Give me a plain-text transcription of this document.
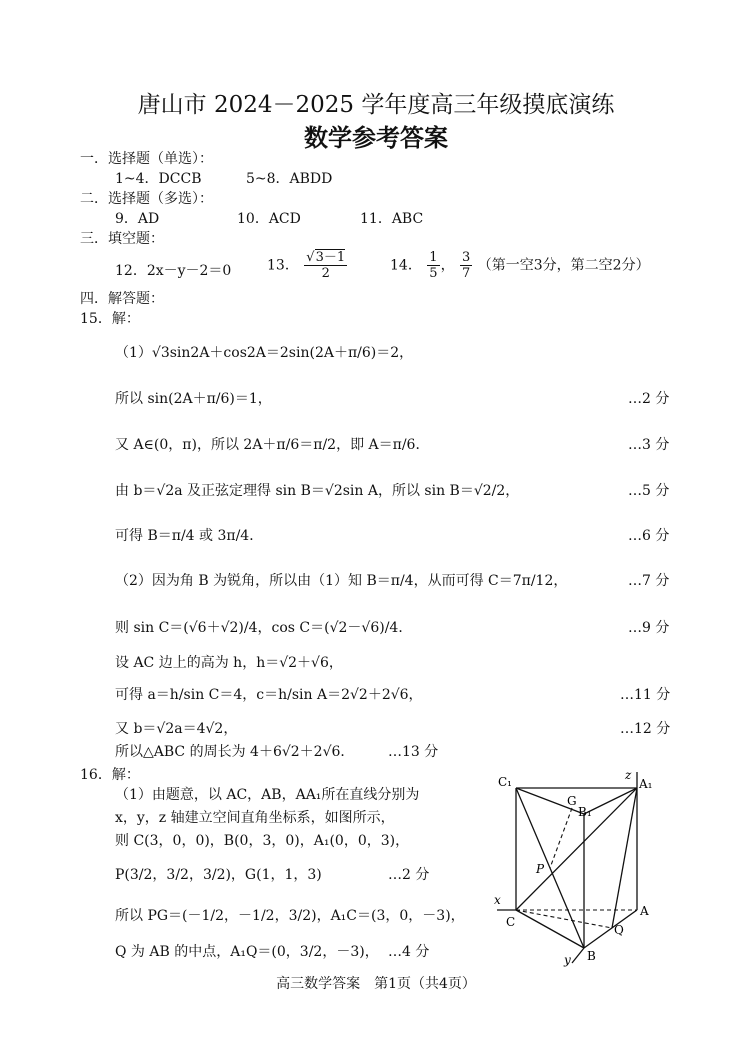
唐山市 2024－2025 学年度高三年级摸底演练
数学参考答案
一．选择题（单选）：
1~4．DCCB          5~8．ABDD
二．选择题（多选）：
9．AD	10．ACD	11．ABC
三．填空题：
12．2x－y－2＝0	13． $\frac{√3-1}{2}$	14． $\frac{1}{5}$ ， $\frac{3}{7}$ （第一空3分，第二空2分）
四．解答题：
15．解：
（1）√3sin2A＋cos2A＝2sin(2A＋π/6)＝2，
所以 sin(2A＋π/6)＝1，	…2 分
又 A∈(0，π)，所以 2A＋π/6＝π/2，即 A＝π/6．	…3 分
由 b＝√2a 及正弦定理得 sin B＝√2sin A，所以 sin B＝√2/2，	…5 分
可得 B＝π/4 或 3π/4．	…6 分
（2）因为角 B 为锐角，所以由（1）知 B＝π/4，从而可得 C＝7π/12，	…7 分
则 sin C＝(√6＋√2)/4，cos C＝(√2－√6)/4．	…9 分
设 AC 边上的高为 h，h＝√2＋√6，
可得 a＝h/sin C＝4，c＝h/sin A＝2√2＋2√6，	…11 分
又 b＝√2a＝4√2，	…12 分
所以△ABC 的周长为 4＋6√2＋2√6． …13 分
16．解：
（1）由题意，以 AC，AB，AA₁所在直线分别为
x，y，z 轴建立空间直角坐标系，如图所示，
则 C(3，0，0)，B(0，3，0)，A₁(0，0，3)，
P(3/2，3/2，3/2)，G(1，1，3)	…2 分
所以 PG＝(－1/2，－1/2，3/2)，A₁C＝(3，0，－3)，
Q 为 AB 的中点，A₁Q＝(0，3/2，－3)， …4 分
C₁	A₁
B₁
G
P
C
A
B
Q
x
y
z
高三数学答案　第1页（共4页）
